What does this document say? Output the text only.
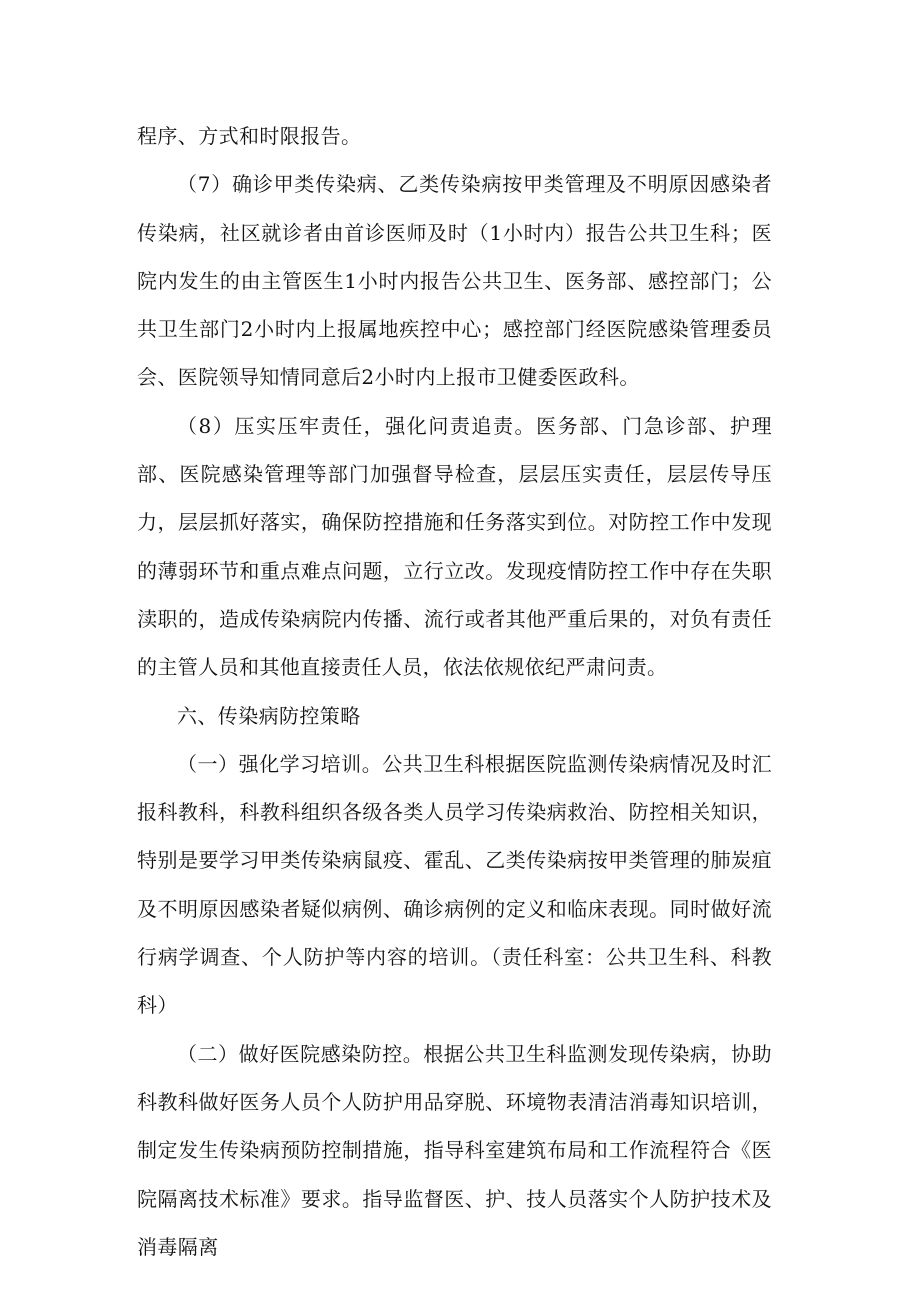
程序、方式和时限报告。

（7）确诊甲类传染病、乙类传染病按甲类管理及不明原因感染者传染病，社区就诊者由首诊医师及时（1小时内）报告公共卫生科；医院内发生的由主管医生1小时内报告公共卫生、医务部、感控部门；公共卫生部门2小时内上报属地疾控中心；感控部门经医院感染管理委员会、医院领导知情同意后2小时内上报市卫健委医政科。

（8）压实压牢责任，强化问责追责。医务部、门急诊部、护理部、医院感染管理等部门加强督导检查，层层压实责任，层层传导压力，层层抓好落实，确保防控措施和任务落实到位。对防控工作中发现的薄弱环节和重点难点问题，立行立改。发现疫情防控工作中存在失职渎职的，造成传染病院内传播、流行或者其他严重后果的，对负有责任的主管人员和其他直接责任人员，依法依规依纪严肃问责。

六、传染病防控策略

（一）强化学习培训。公共卫生科根据医院监测传染病情况及时汇报科教科，科教科组织各级各类人员学习传染病救治、防控相关知识，特别是要学习甲类传染病鼠疫、霍乱、乙类传染病按甲类管理的肺炭疽及不明原因感染者疑似病例、确诊病例的定义和临床表现。同时做好流行病学调查、个人防护等内容的培训。（责任科室：公共卫生科、科教科）

（二）做好医院感染防控。根据公共卫生科监测发现传染病，协助科教科做好医务人员个人防护用品穿脱、环境物表清洁消毒知识培训，制定发生传染病预防控制措施，指导科室建筑布局和工作流程符合《医院隔离技术标准》要求。指导监督医、护、技人员落实个人防护技术及消毒隔离
